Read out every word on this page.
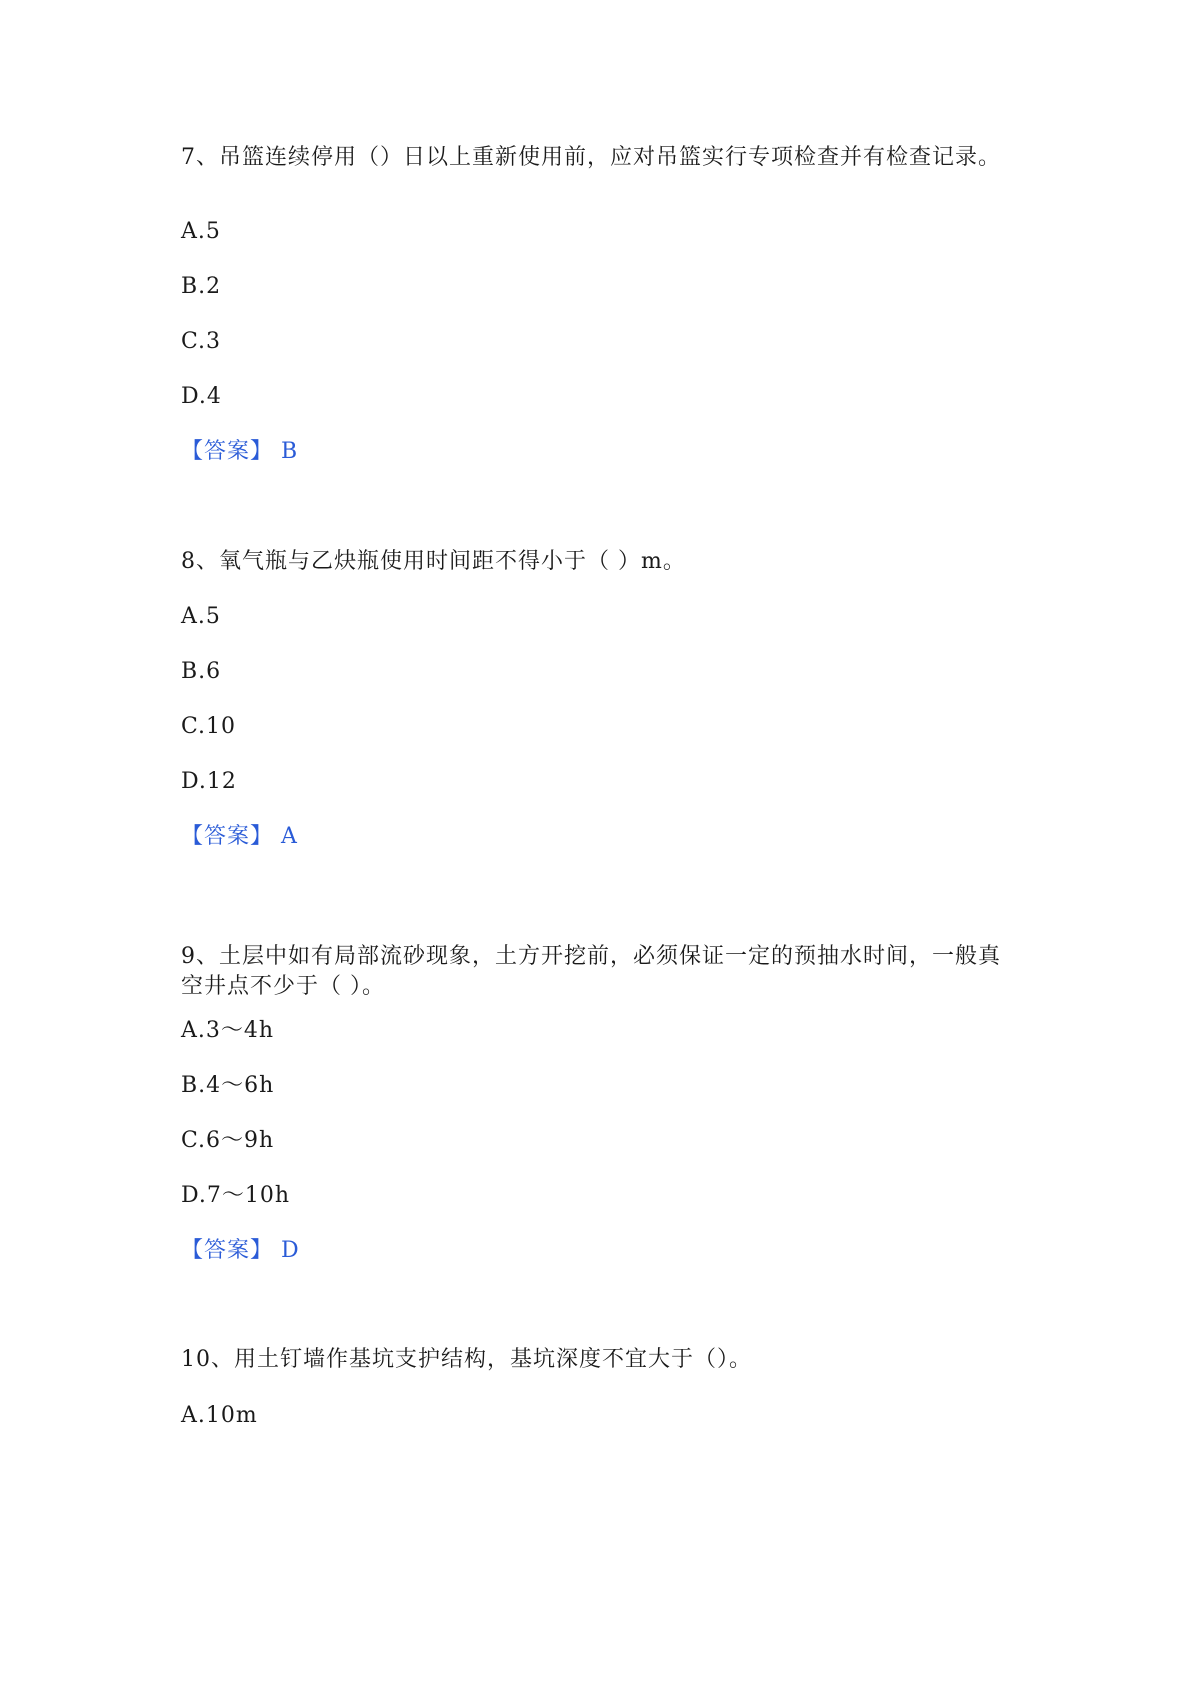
7、吊篮连续停用（）日以上重新使用前，应对吊篮实行专项检查并有检查记录。
A.5
B.2
C.3
D.4
【答案】 B
8、氧气瓶与乙炔瓶使用时间距不得小于（ ）m。
A.5
B.6
C.10
D.12
【答案】 A
9、土层中如有局部流砂现象，土方开挖前，必须保证一定的预抽水时间，一般真空井点不少于（ ）。
A.3～4h
B.4～6h
C.6～9h
D.7～10h
【答案】 D
10、用土钉墙作基坑支护结构，基坑深度不宜大于（）。
A.10m
